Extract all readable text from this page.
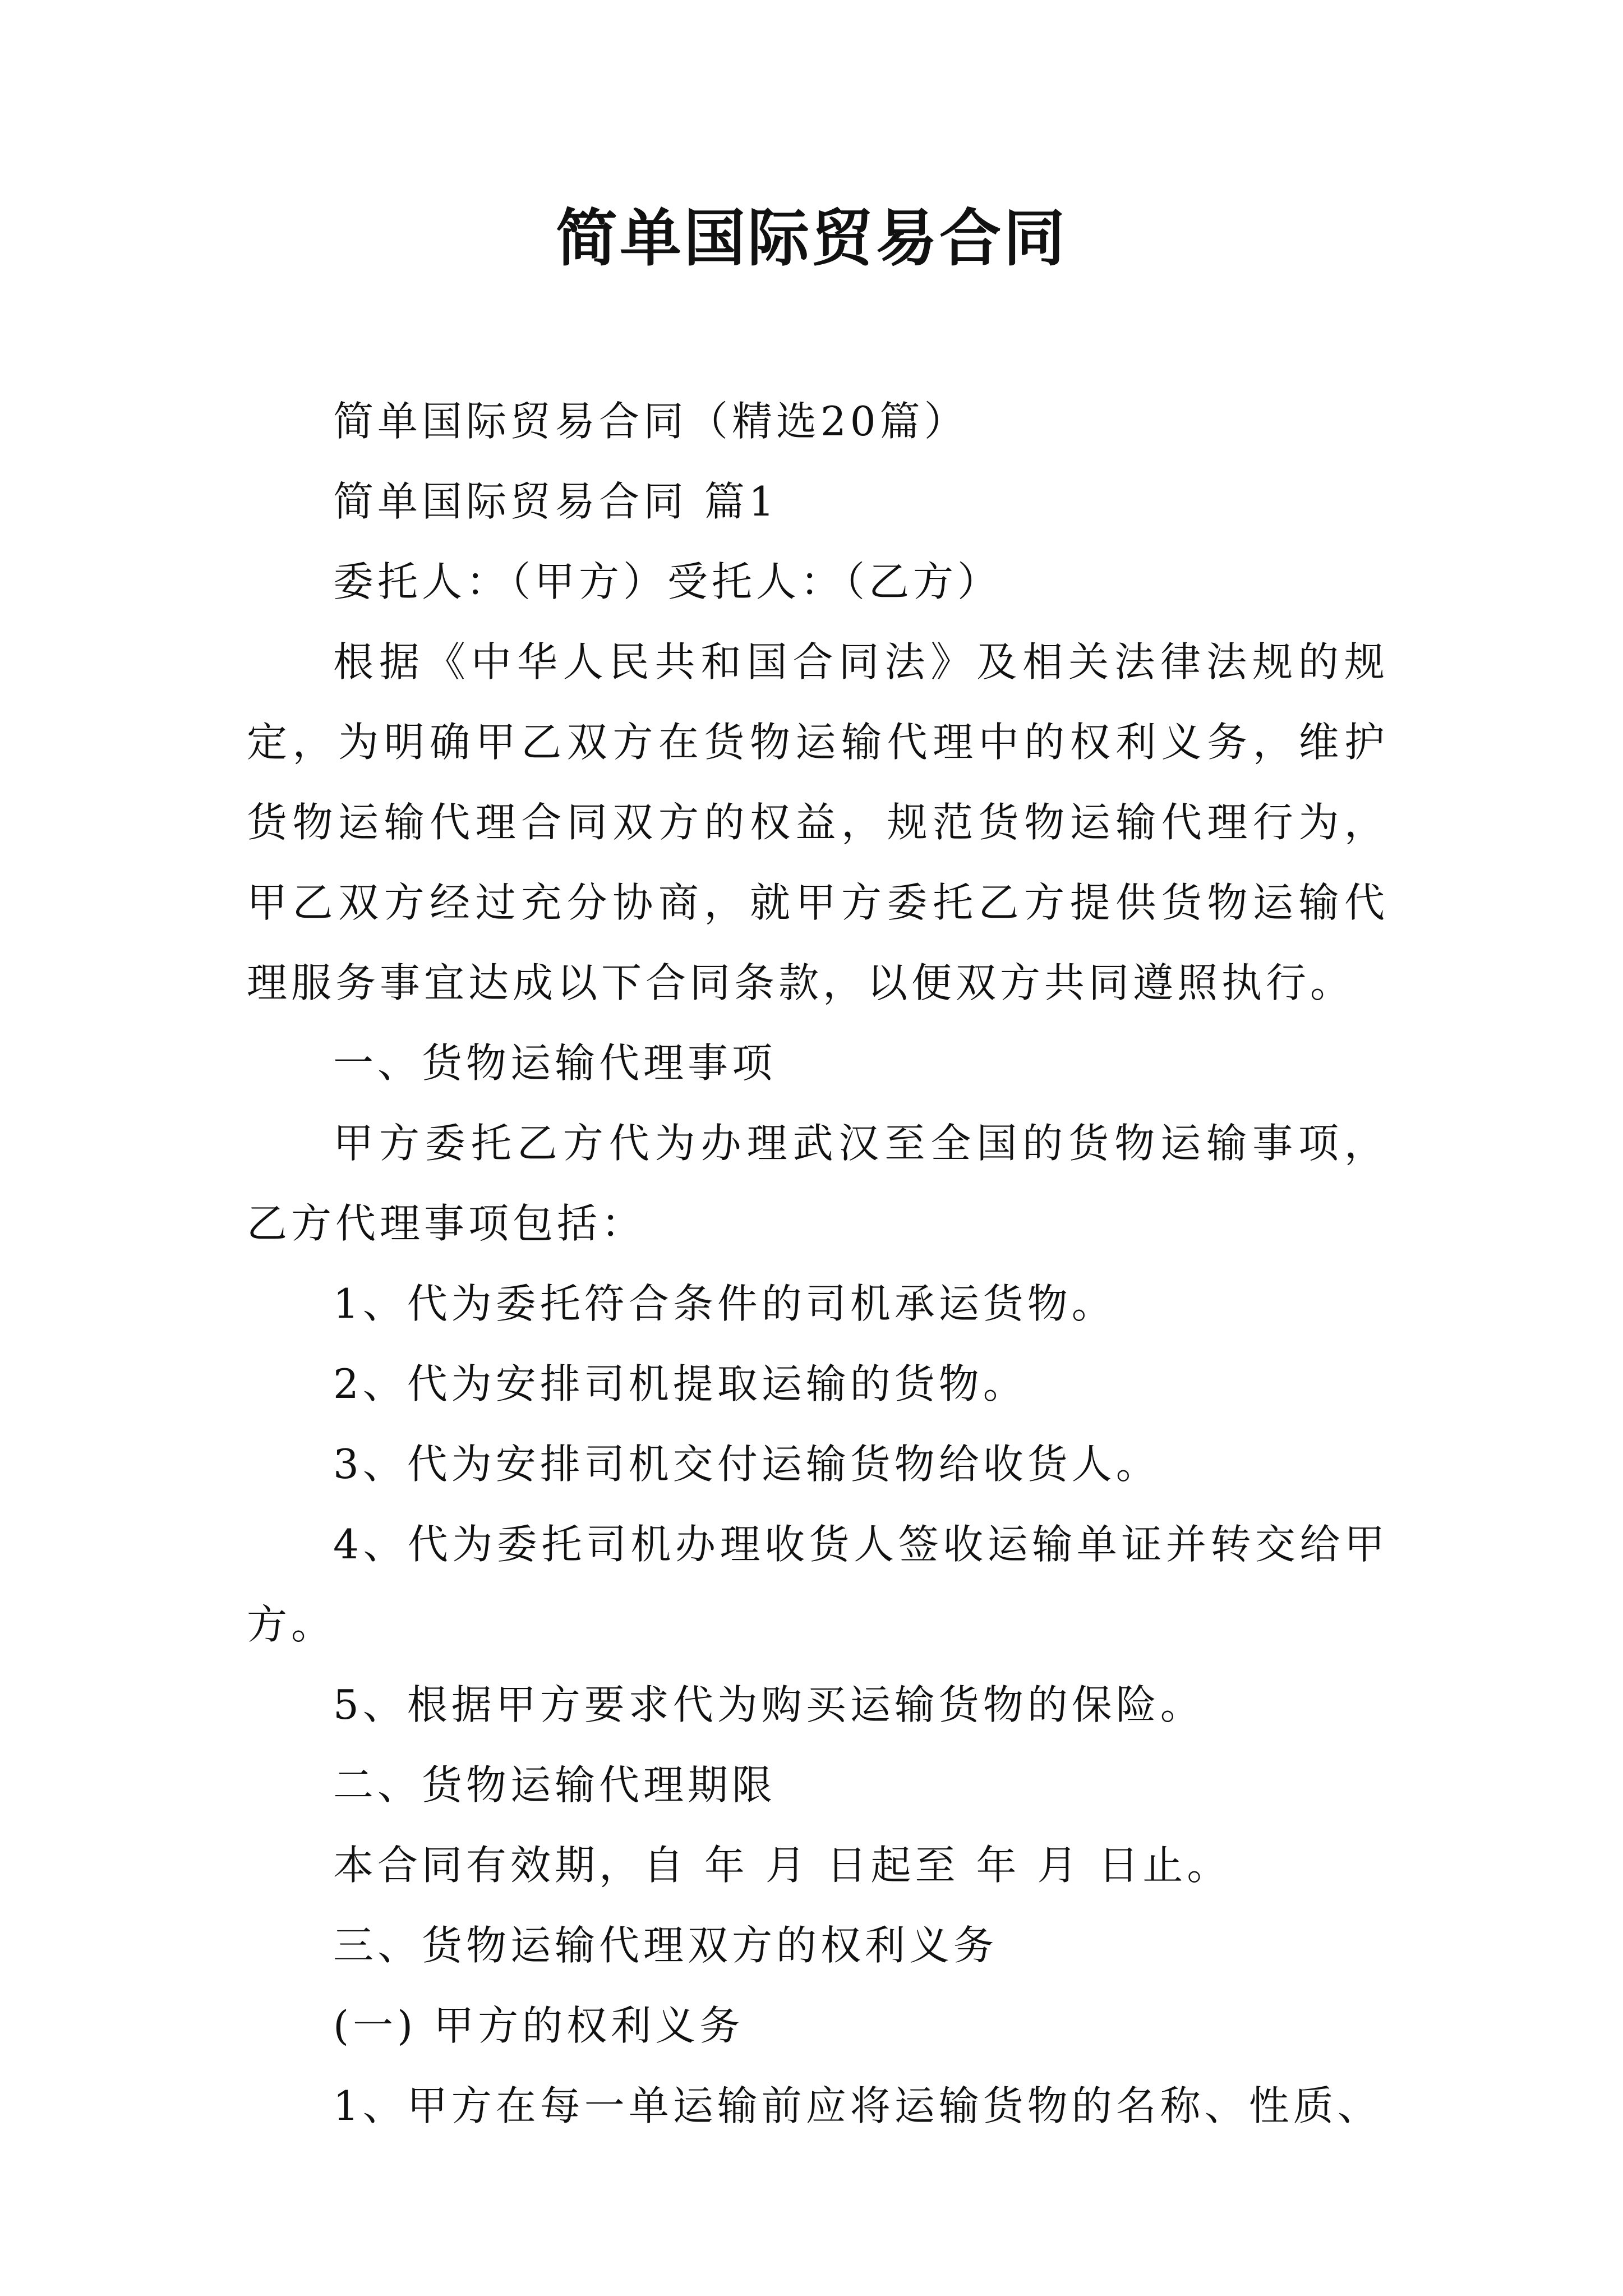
简单国际贸易合同

简单国际贸易合同（精选20篇）

简单国际贸易合同 篇1

委托人：（甲方）受托人：（乙方）

根据《中华人民共和国合同法》及相关法律法规的规定，为明确甲乙双方在货物运输代理中的权利义务，维护货物运输代理合同双方的权益，规范货物运输代理行为，甲乙双方经过充分协商，就甲方委托乙方提供货物运输代理服务事宜达成以下合同条款，以便双方共同遵照执行。

一、货物运输代理事项

甲方委托乙方代为办理武汉至全国的货物运输事项，乙方代理事项包括：

1、代为委托符合条件的司机承运货物。

2、代为安排司机提取运输的货物。

3、代为安排司机交付运输货物给收货人。

4、代为委托司机办理收货人签收运输单证并转交给甲方。

5、根据甲方要求代为购买运输货物的保险。

二、货物运输代理期限

本合同有效期，自 年 月 日起至 年 月 日止。

三、货物运输代理双方的权利义务

(一) 甲方的权利义务

1、甲方在每一单运输前应将运输货物的名称、性质、
